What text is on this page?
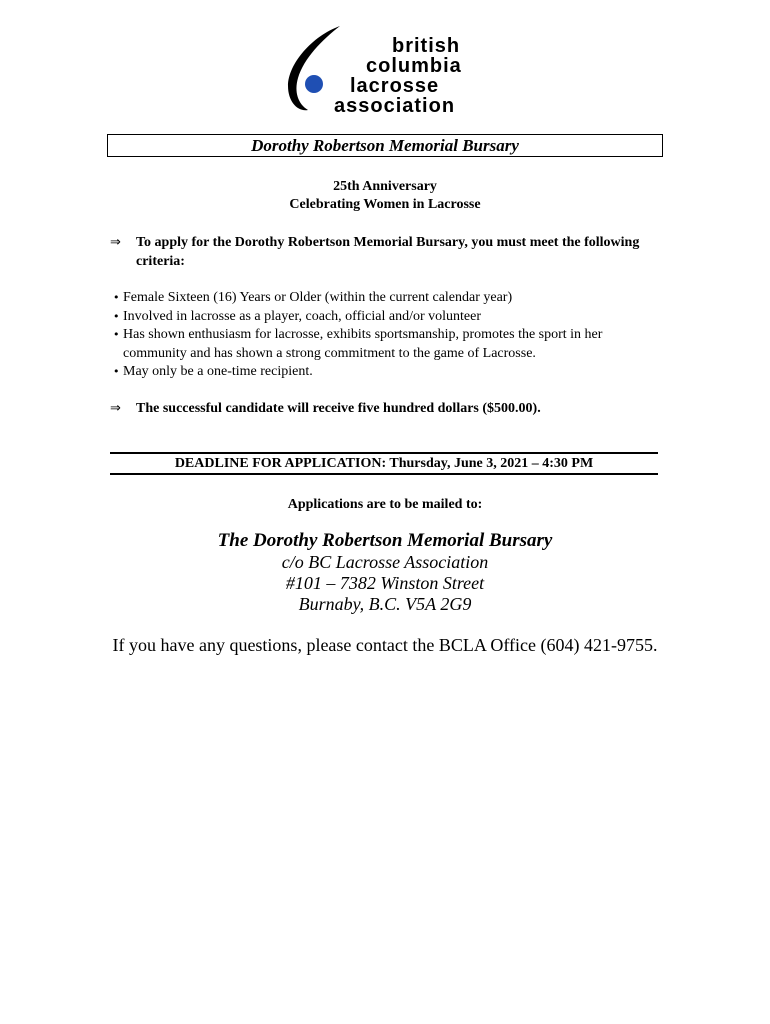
british
columbia
lacrosse
association
Dorothy Robertson Memorial Bursary
25th Anniversary
Celebrating Women in Lacrosse
⇒ To apply for the Dorothy Robertson Memorial Bursary, you must meet the following criteria:
• Female Sixteen (16) Years or Older (within the current calendar year)
• Involved in lacrosse as a player, coach, official and/or volunteer
• Has shown enthusiasm for lacrosse, exhibits sportsmanship, promotes the sport in her community and has shown a strong commitment to the game of Lacrosse.
• May only be a one-time recipient.
⇒ The successful candidate will receive five hundred dollars ($500.00).
DEADLINE FOR APPLICATION: Thursday, June 3, 2021 – 4:30 PM
Applications are to be mailed to:
The Dorothy Robertson Memorial Bursary
c/o BC Lacrosse Association
#101 – 7382 Winston Street
Burnaby, B.C. V5A 2G9
If you have any questions, please contact the BCLA Office (604) 421-9755.
